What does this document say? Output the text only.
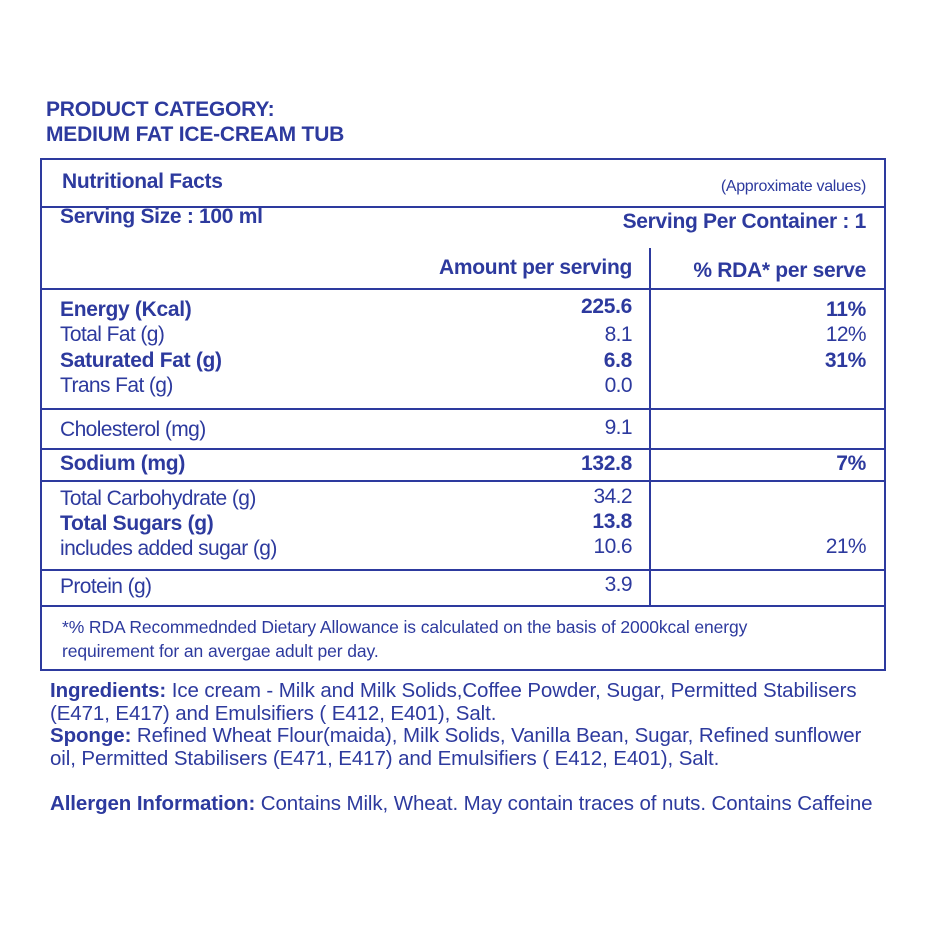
PRODUCT CATEGORY:
MEDIUM FAT ICE-CREAM TUB
Nutritional Facts	(Approximate values)
Serving Size : 100 ml	Serving Per Container : 1
Amount per serving	% RDA* per serve
Energy (Kcal)	225.6	11%
Total Fat (g)	8.1	12%
Saturated Fat (g)	6.8	31%
Trans Fat (g)	0.0
Cholesterol (mg)	9.1
Sodium (mg)	132.8	7%
Total Carbohydrate (g)	34.2
Total Sugars (g)	13.8
includes added sugar (g)	10.6	21%
Protein (g)	3.9
*% RDA Recommednded Dietary Allowance is calculated on the basis of 2000kcal energy
requirement for an avergae adult per day.

Ingredients: Ice cream - Milk and Milk Solids,Coffee Powder, Sugar, Permitted Stabilisers (E471, E417) and Emulsifiers ( E412, E401), Salt.

Sponge: Refined Wheat Flour(maida), Milk Solids, Vanilla Bean, Sugar, Refined sunflower oil, Permitted Stabilisers (E471, E417) and Emulsifiers ( E412, E401), Salt.

Allergen Information: Contains Milk, Wheat. May contain traces of nuts. Contains Caffeine
